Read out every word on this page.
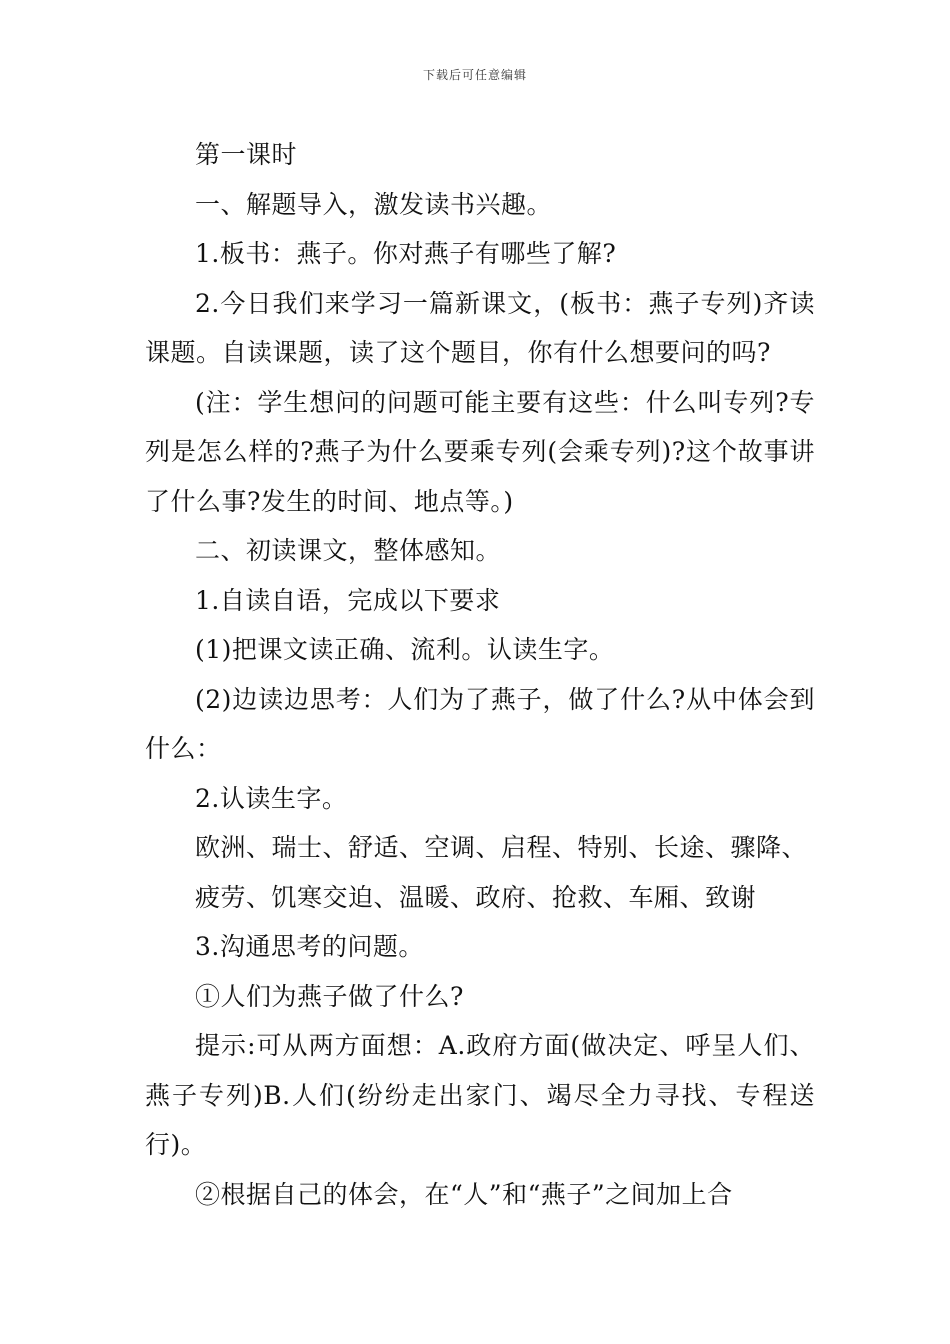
下载后可任意编辑

第一课时

一、解题导入，激发读书兴趣。

1.板书：燕子。你对燕子有哪些了解?

2.今日我们来学习一篇新课文，(板书：燕子专列)齐读课题。自读课题，读了这个题目，你有什么想要问的吗?

(注：学生想问的问题可能主要有这些：什么叫专列?专列是怎么样的?燕子为什么要乘专列(会乘专列)?这个故事讲了什么事?发生的时间、地点等。)

二、初读课文，整体感知。

1.自读自语，完成以下要求

(1)把课文读正确、流利。认读生字。

(2)边读边思考：人们为了燕子，做了什么?从中体会到什么：

2.认读生字。

欧洲、瑞士、舒适、空调、启程、特别、长途、骤降、

疲劳、饥寒交迫、温暖、政府、抢救、车厢、致谢

3.沟通思考的问题。

①人们为燕子做了什么?

提示:可从两方面想：A.政府方面(做决定、呼呈人们、燕子专列)B.人们(纷纷走出家门、竭尽全力寻找、专程送行)。

②根据自己的体会，在“人”和“燕子”之间加上合
